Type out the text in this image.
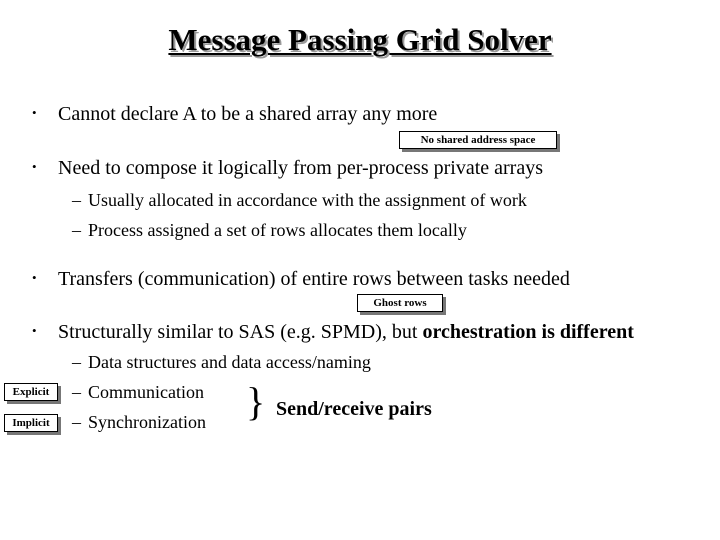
Message Passing Grid Solver
• Cannot declare A to be a shared array any more
No shared address space
• Need to compose it logically from per-process private arrays
– Usually allocated in accordance with the assignment of work
– Process assigned a set of rows allocates them locally
• Transfers (communication) of entire rows between tasks needed
Ghost rows
• Structurally similar to SAS (e.g. SPMD), but orchestration is different
– Data structures and data access/naming
– Communication
– Synchronization
Explicit
Implicit	} Send/receive pairs
